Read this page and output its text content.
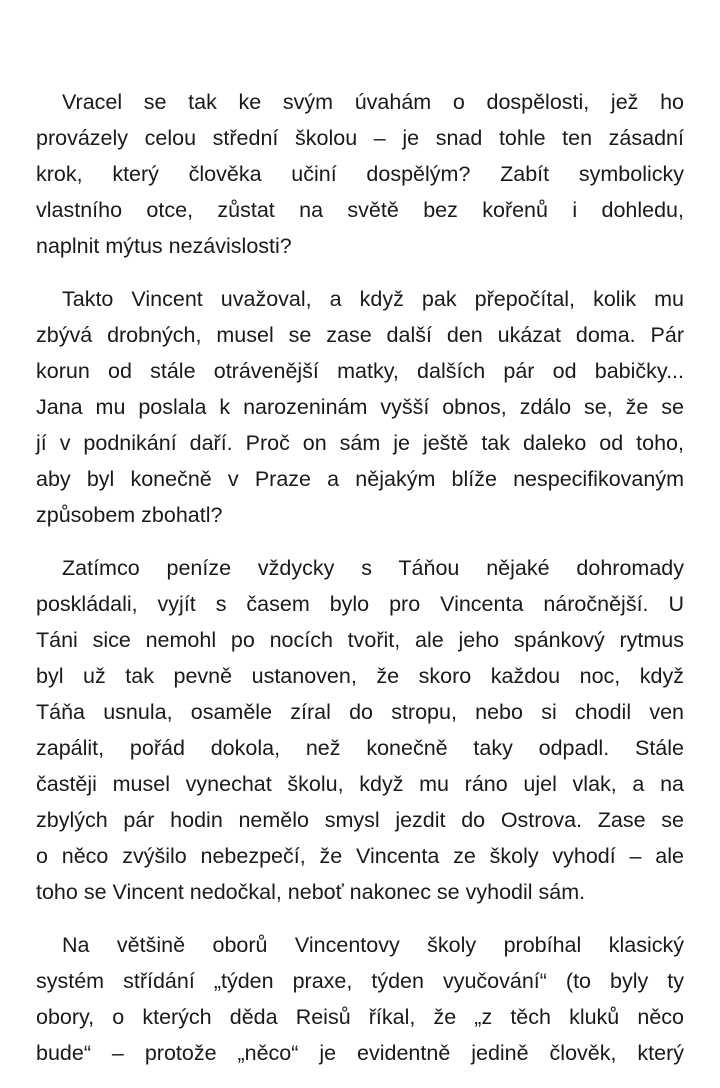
Vracel se tak ke svým úvahám o dospělosti, jež ho
provázely celou střední školou – je snad tohle ten zásadní
krok, který člověka učiní dospělým? Zabít symbolicky
vlastního otce, zůstat na světě bez kořenů i dohledu,
naplnit mýtus nezávislosti?
Takto Vincent uvažoval, a když pak přepočítal, kolik mu
zbývá drobných, musel se zase další den ukázat doma. Pár
korun od stále otrávenější matky, dalších pár od babičky...
Jana mu poslala k narozeninám vyšší obnos, zdálo se, že se
jí v podnikání daří. Proč on sám je ještě tak daleko od toho,
aby byl konečně v Praze a nějakým blíže nespecifikovaným
způsobem zbohatl?
Zatímco peníze vždycky s Táňou nějaké dohromady
poskládali, vyjít s časem bylo pro Vincenta náročnější. U
Táni sice nemohl po nocích tvořit, ale jeho spánkový rytmus
byl už tak pevně ustanoven, že skoro každou noc, když
Táňa usnula, osaměle zíral do stropu, nebo si chodil ven
zapálit, pořád dokola, než konečně taky odpadl. Stále
častěji musel vynechat školu, když mu ráno ujel vlak, a na
zbylých pár hodin nemělo smysl jezdit do Ostrova. Zase se
o něco zvýšilo nebezpečí, že Vincenta ze školy vyhodí – ale
toho se Vincent nedočkal, neboť nakonec se vyhodil sám.
Na většině oborů Vincentovy školy probíhal klasický
systém střídání „týden praxe, týden vyučování“ (to byly ty
obory, o kterých děda Reisů říkal, že „z těch kluků něco
bude“ – protože „něco“ je evidentně jedině člověk, který
